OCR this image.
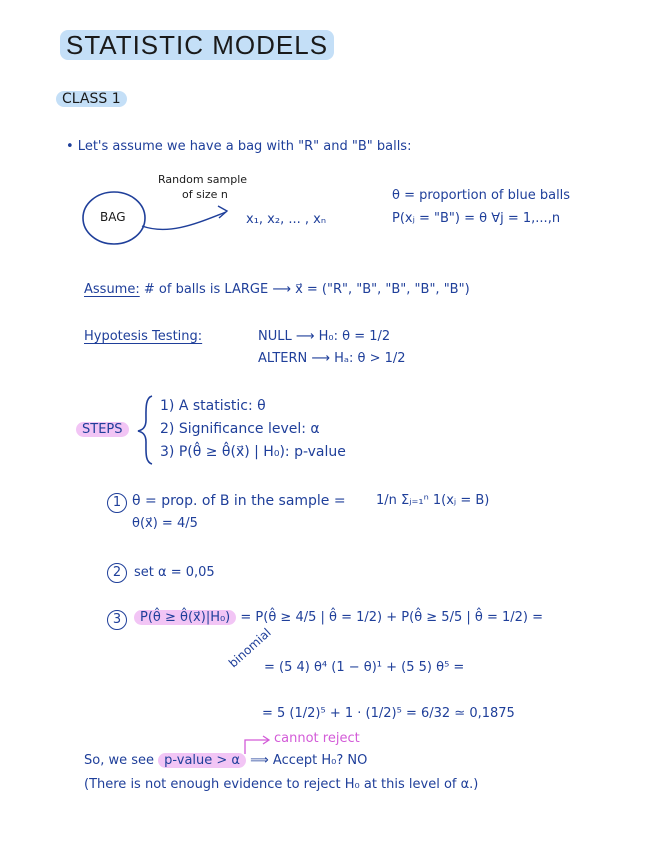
STATISTIC MODELS
CLASS 1
• Let's assume we have a bag with "R" and "B" balls:
BAG
Random sample
of size n
x₁, x₂, ... , xₙ
θ = proportion of blue balls
P(xⱼ = "B") = θ ∀j = 1,...,n
Assume: # of balls is LARGE ⟶ x⃗ = ("R", "B", "B", "B", "B")
Hypotesis Testing:	NULL ⟶ H₀: θ = 1/2
ALTERN ⟶ Hₐ: θ > 1/2
STEPS
1) A statistic: θ
2) Significance level: α
3) P(θ̂ ≥ θ̂(x⃗) | H₀): p-value
1 θ = prop. of B in the sample = 1/n Σⱼ₌₁ⁿ 1(xⱼ = B)
θ(x⃗) = 4/5
2 set α = 0,05
3	P(θ̂ ≥ θ̂(x⃗)|H₀) = P(θ̂ ≥ 4/5 | θ̂ = 1/2) + P(θ̂ ≥ 5/5 | θ̂ = 1/2) =
binomial
= (5 4) θ⁴ (1 − θ)¹ + (5 5) θ⁵ =
= 5 (1/2)⁵ + 1 · (1/2)⁵ = 6/32 ≃ 0,1875
cannot reject
So, we see p-value > α ⟹ Accept H₀? NO
(There is not enough evidence to reject H₀ at this level of α.)
